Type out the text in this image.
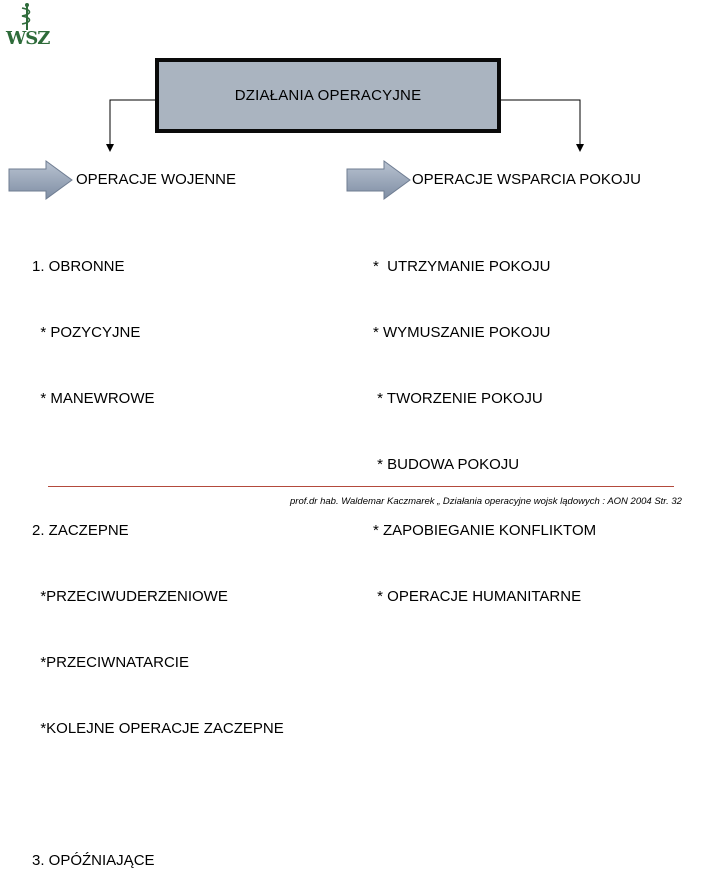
WSZ
DZIAŁANIA OPERACYJNE
OPERACJE WOJENNE	OPERACJE WSPARCIA POKOJU

1. OBRONNE

* POZYCYJNE

* MANEWROWE

2. ZACZEPNE

*PRZECIWUDERZENIOWE

*PRZECIWNATARCIE

*KOLEJNE OPERACJE ZACZEPNE

3. OPÓŹNIAJĄCE

*  UTRZYMANIE POKOJU

* WYMUSZANIE POKOJU

* TWORZENIE POKOJU

* BUDOWA POKOJU

* ZAPOBIEGANIE KONFLIKTOM

* OPERACJE HUMANITARNE

prof.dr hab. Waldemar Kaczmarek „ Działania operacyjne wojsk lądowych : AON 2004 Str. 32
